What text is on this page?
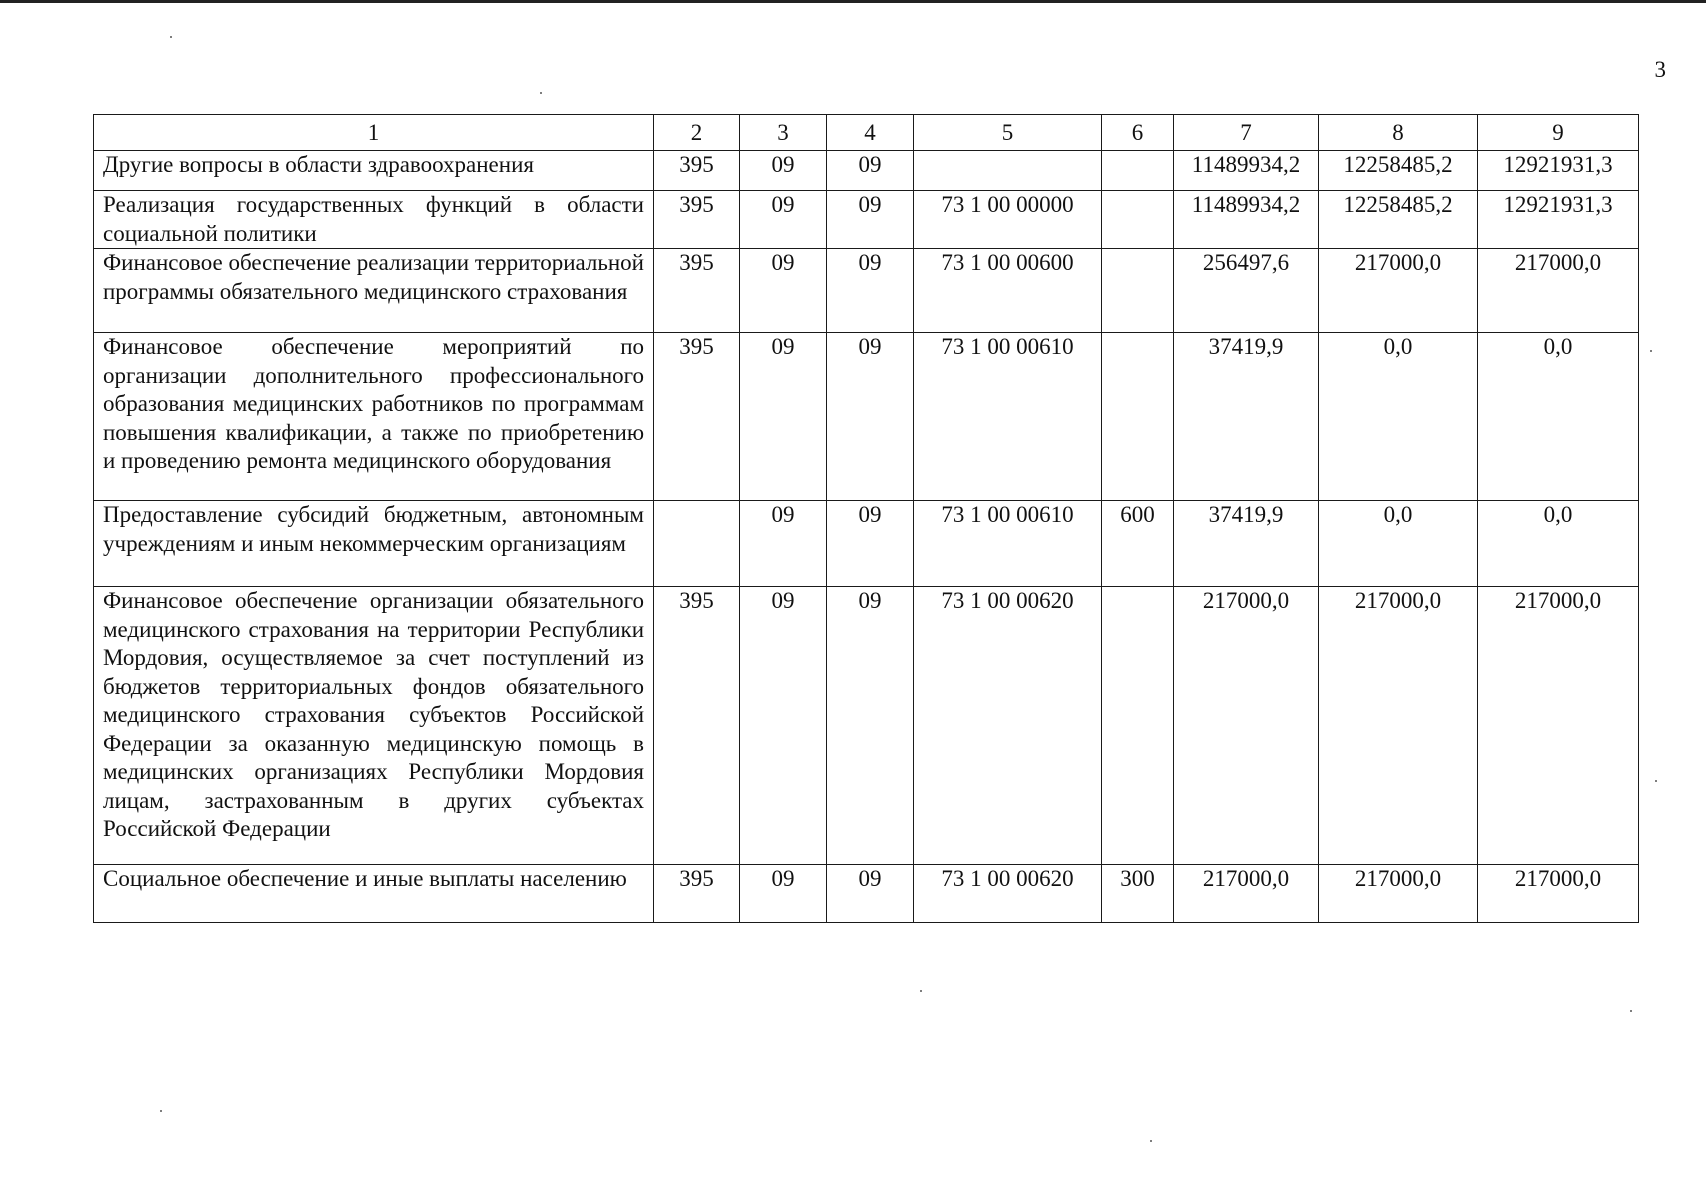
3
1	2	3	4	5	6	7	8	9
Другие вопросы в области здравоохранения	395	09	09			11489934,2	12258485,2	12921931,3
Реализация государственных функций в области социальной политики	395	09	09	73 1 00 00000		11489934,2	12258485,2	12921931,3
Финансовое обеспечение реализации территориальной программы обязательного медицинского страхования	395	09	09	73 1 00 00600		256497,6	217000,0	217000,0
Финансовое обеспечение мероприятий по организации дополнительного профессионального образования медицинских работников по программам повышения квалификации, а также по приобретению и проведению ремонта медицинского оборудования	395	09	09	73 1 00 00610		37419,9	0,0	0,0
Предоставление субсидий бюджетным, автономным учреждениям и иным некоммерческим организациям		09	09	73 1 00 00610	600	37419,9	0,0	0,0
Финансовое обеспечение организации обязательного медицинского страхования на территории Республики Мордовия, осуществляемое за счет поступлений из бюджетов территориальных фондов обязательного медицинского страхования субъектов Российской Федерации за оказанную медицинскую помощь в медицинских организациях Республики Мордовия лицам, застрахованным в других субъектах Российской Федерации	395	09	09	73 1 00 00620		217000,0	217000,0	217000,0
Социальное обеспечение и иные выплаты населению	395	09	09	73 1 00 00620	300	217000,0	217000,0	217000,0
